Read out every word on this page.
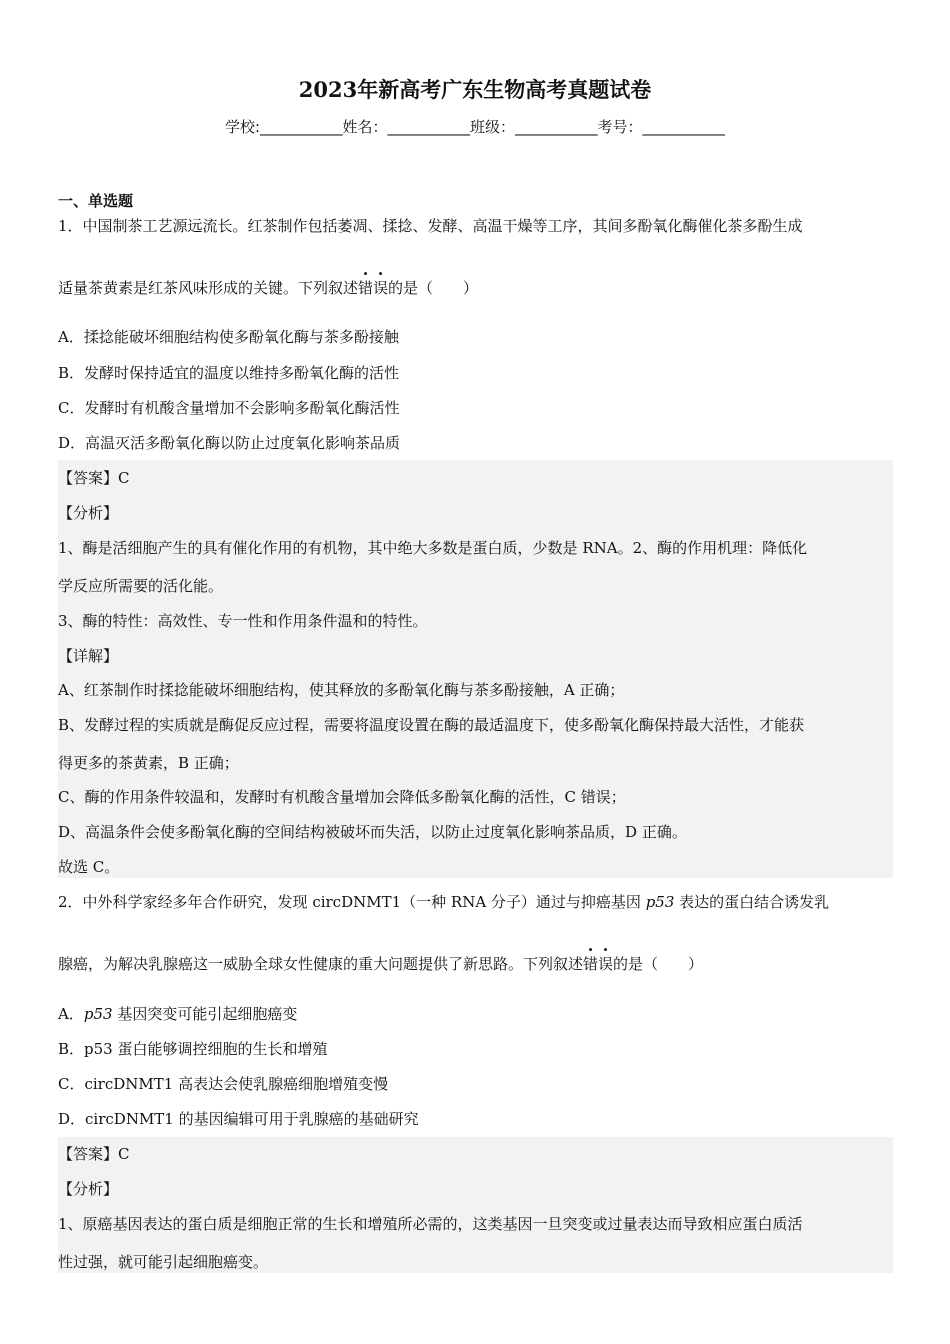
2023年新高考广东生物高考真题试卷
学校:___________姓名：___________班级：___________考号：___________
一、单选题
1．中国制茶工艺源远流长。红茶制作包括萎凋、揉捻、发酵、高温干燥等工序，其间多酚氧化酶催化茶多酚生成
适量茶黄素是红茶风味形成的关键。下列叙述错误的是（　　）
A．揉捻能破坏细胞结构使多酚氧化酶与茶多酚接触
B．发酵时保持适宜的温度以维持多酚氧化酶的活性
C．发酵时有机酸含量增加不会影响多酚氧化酶活性
D．高温灭活多酚氧化酶以防止过度氧化影响茶品质
【答案】C
【分析】
1、酶是活细胞产生的具有催化作用的有机物，其中绝大多数是蛋白质，少数是 RNA。2、酶的作用机理：降低化
学反应所需要的活化能。
3、酶的特性：高效性、专一性和作用条件温和的特性。
【详解】
A、红茶制作时揉捻能破坏细胞结构，使其释放的多酚氧化酶与茶多酚接触，A 正确；
B、发酵过程的实质就是酶促反应过程，需要将温度设置在酶的最适温度下，使多酚氧化酶保持最大活性，才能获
得更多的茶黄素，B 正确；
C、酶的作用条件较温和，发酵时有机酸含量增加会降低多酚氧化酶的活性，C 错误；
D、高温条件会使多酚氧化酶的空间结构被破坏而失活，以防止过度氧化影响茶品质，D 正确。
故选 C。
2．中外科学家经多年合作研究，发现 circDNMT1（一种 RNA 分子）通过与抑癌基因 p53 表达的蛋白结合诱发乳
腺癌，为解决乳腺癌这一威胁全球女性健康的重大问题提供了新思路。下列叙述错误的是（　　）
A．p53 基因突变可能引起细胞癌变
B．p53 蛋白能够调控细胞的生长和增殖
C．circDNMT1 高表达会使乳腺癌细胞增殖变慢
D．circDNMT1 的基因编辑可用于乳腺癌的基础研究
【答案】C
【分析】
1、原癌基因表达的蛋白质是细胞正常的生长和增殖所必需的，这类基因一旦突变或过量表达而导致相应蛋白质活
性过强，就可能引起细胞癌变。
